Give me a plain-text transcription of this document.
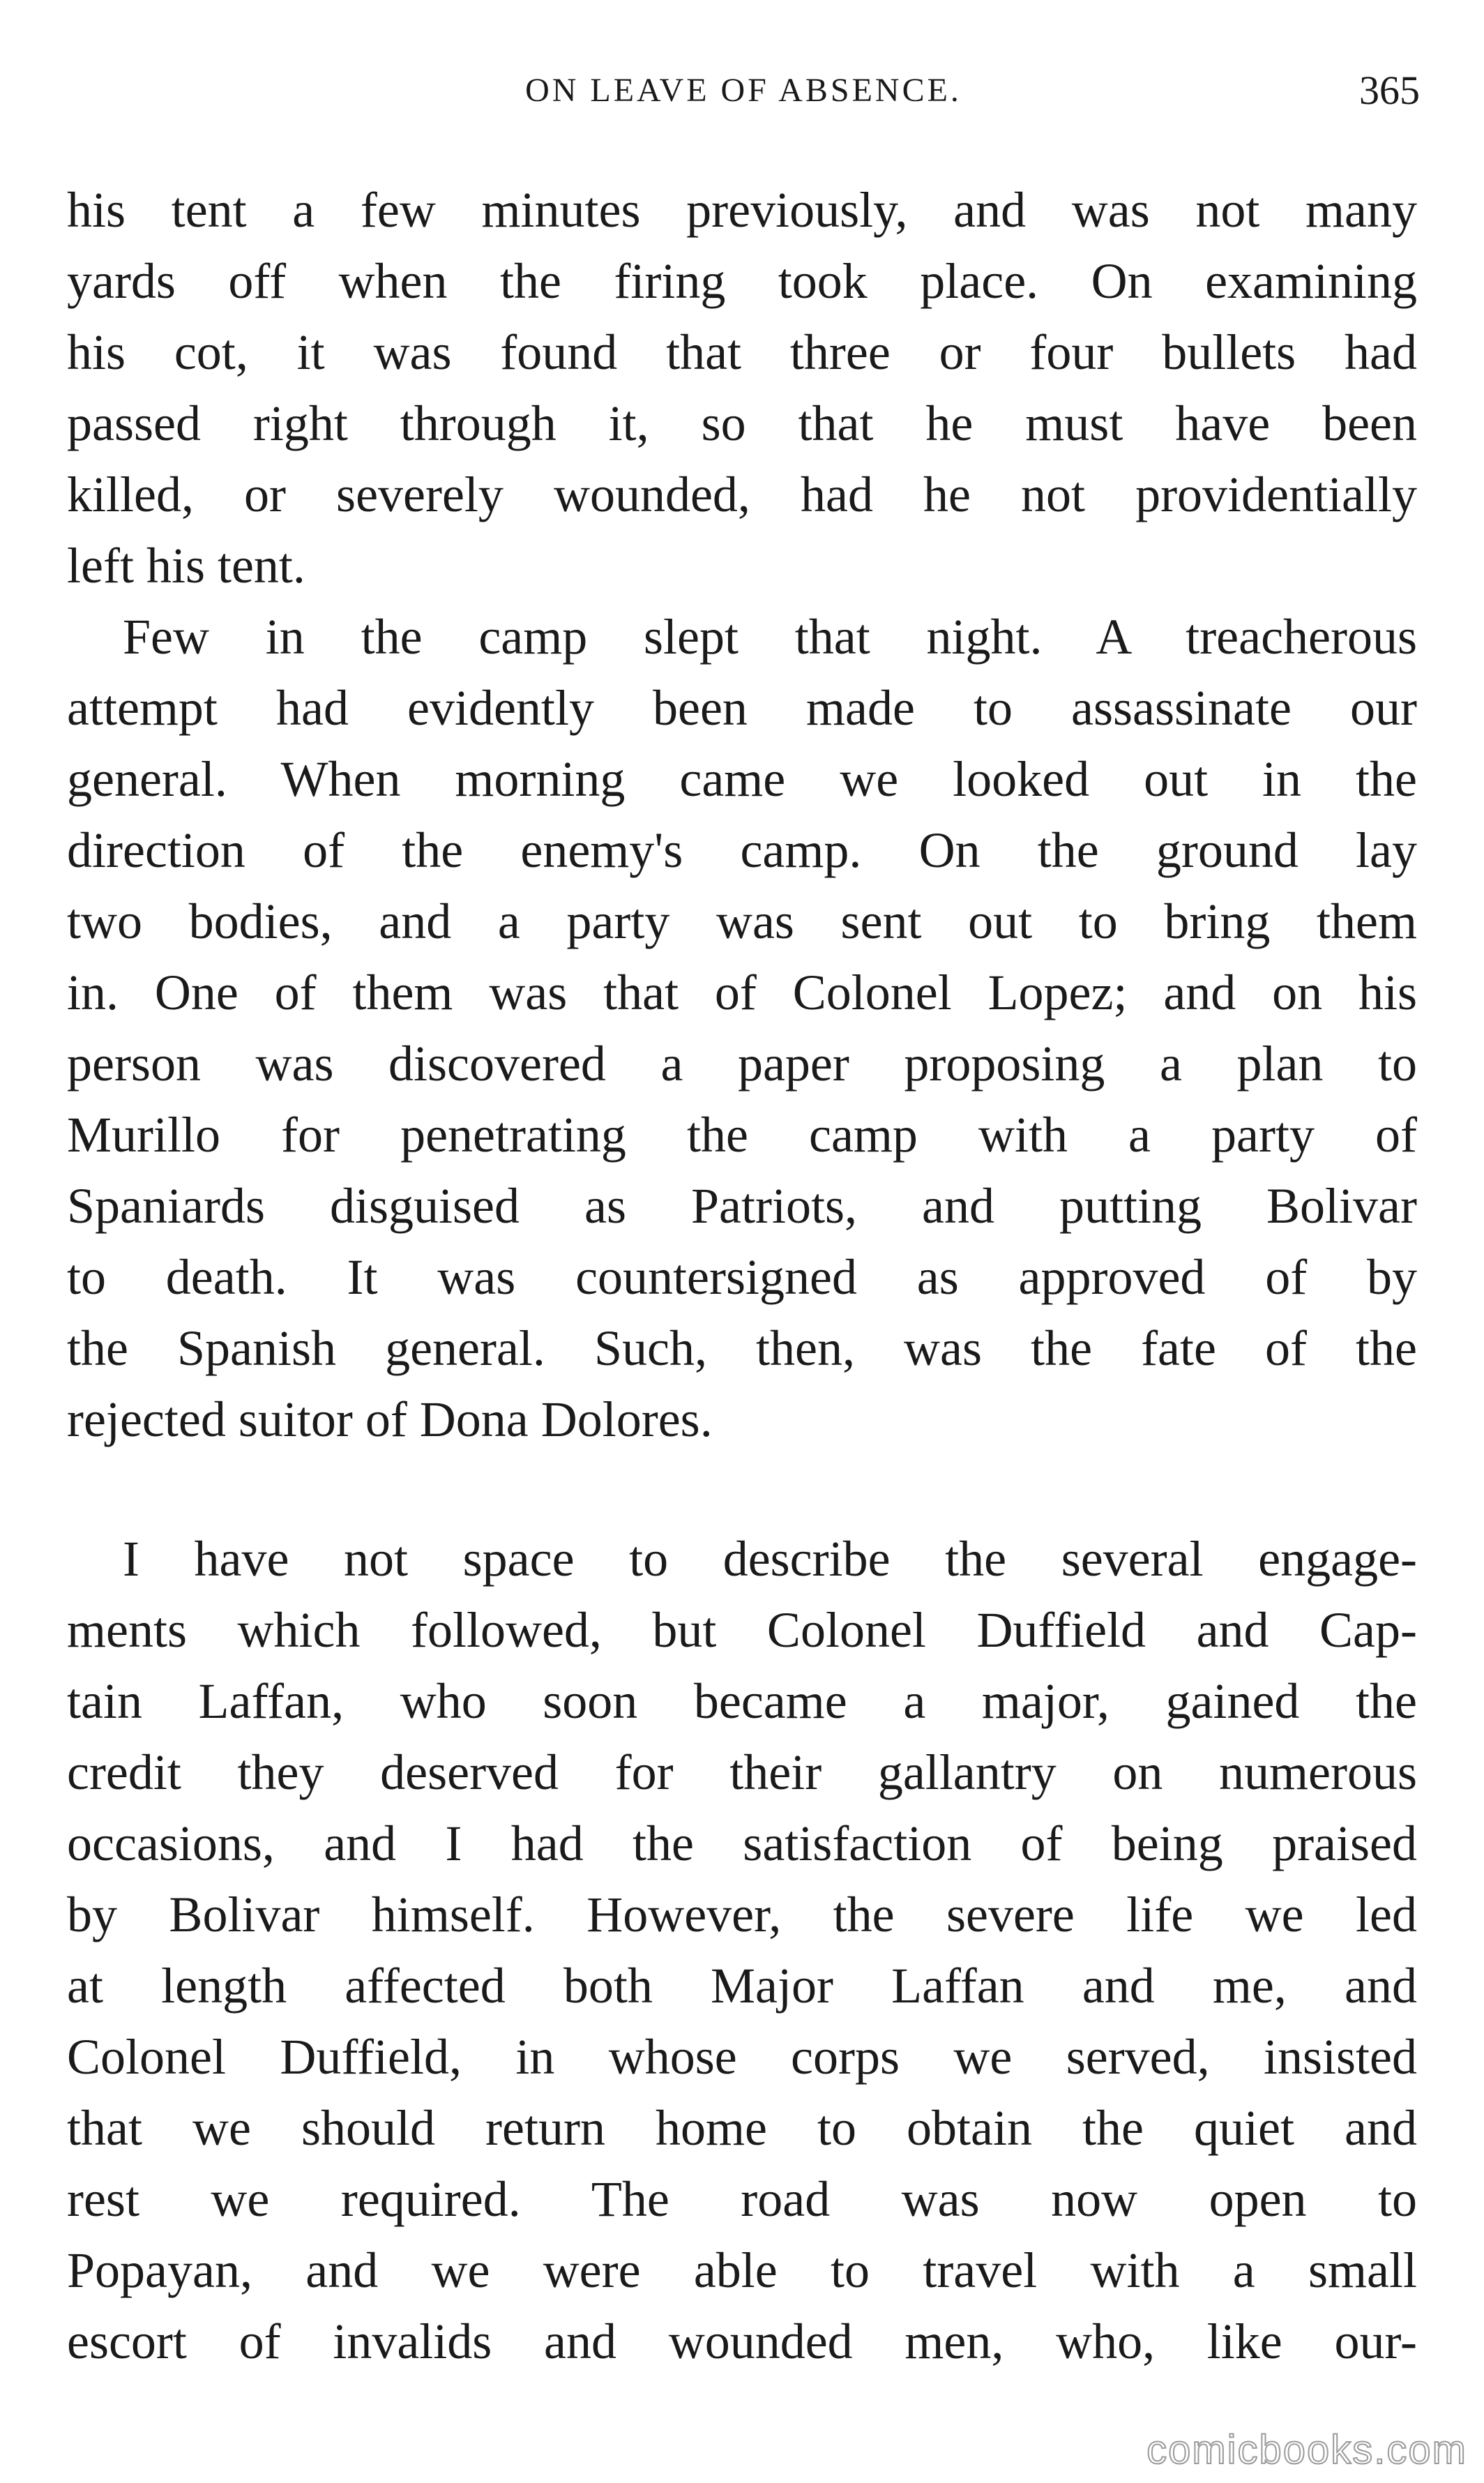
ON LEAVE OF ABSENCE.	365
his tent a few minutes previously, and was not many
yards off when the firing took place. On examining
his cot, it was found that three or four bullets had
passed right through it, so that he must have been
killed, or severely wounded, had he not providentially
left his tent.
Few in the camp slept that night. A treacherous
attempt had evidently been made to assassinate our
general. When morning came we looked out in the
direction of the enemy's camp. On the ground lay
two bodies, and a party was sent out to bring them
in. One of them was that of Colonel Lopez; and on his
person was discovered a paper proposing a plan to
Murillo for penetrating the camp with a party of
Spaniards disguised as Patriots, and putting Bolivar
to death. It was countersigned as approved of by
the Spanish general. Such, then, was the fate of the
rejected suitor of Dona Dolores.
I have not space to describe the several engage-
ments which followed, but Colonel Duffield and Cap-
tain Laffan, who soon became a major, gained the
credit they deserved for their gallantry on numerous
occasions, and I had the satisfaction of being praised
by Bolivar himself. However, the severe life we led
at length affected both Major Laffan and me, and
Colonel Duffield, in whose corps we served, insisted
that we should return home to obtain the quiet and
rest we required. The road was now open to
Popayan, and we were able to travel with a small
escort of invalids and wounded men, who, like our-
comicbooks.com
